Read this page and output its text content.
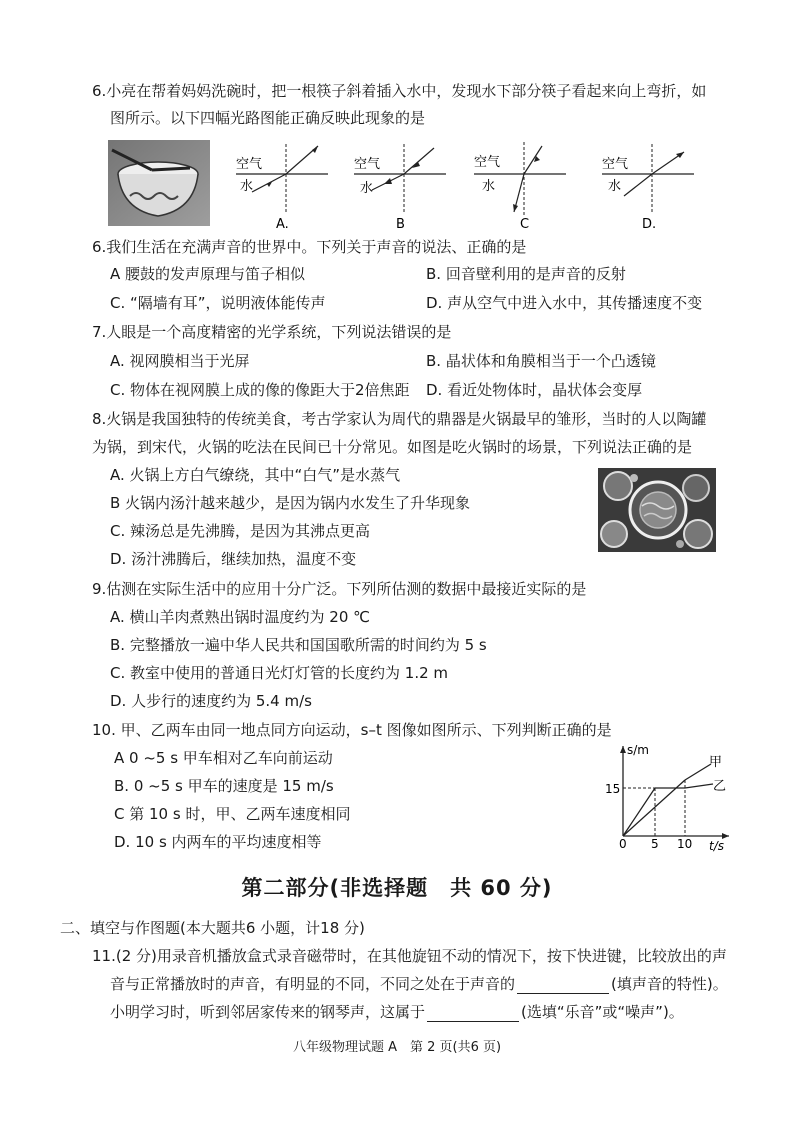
6.小亮在帮着妈妈洗碗时，把一根筷子斜着插入水中，发现水下部分筷子看起来向上弯折，如
图所示。以下四幅光路图能正确反映此现象的是
空气
水
A.
空气
水
B
空气
水
C
空气
水
D.
6.我们生活在充满声音的世界中。下列关于声音的说法、正确的是
A 腰鼓的发声原理与笛子相似	B. 回音壁利用的是声音的反射
C. “隔墙有耳”，说明液体能传声	D. 声从空气中进入水中，其传播速度不变
7.人眼是一个高度精密的光学系统，下列说法错误的是
A. 视网膜相当于光屏	B. 晶状体和角膜相当于一个凸透镜
C. 物体在视网膜上成的像的像距大于2倍焦距 D. 看近处物体时，晶状体会变厚
8.火锅是我国独特的传统美食，考古学家认为周代的鼎器是火锅最早的雏形，当时的人以陶罐
为锅，到宋代，火锅的吃法在民间已十分常见。如图是吃火锅时的场景，下列说法正确的是
A. 火锅上方白气缭绕，其中“白气”是水蒸气
B 火锅内汤汁越来越少，是因为锅内水发生了升华现象
C. 辣汤总是先沸腾，是因为其沸点更高
D. 汤汁沸腾后，继续加热，温度不变
9.估测在实际生活中的应用十分广泛。下列所估测的数据中最接近实际的是
A. 横山羊肉煮熟出锅时温度约为 20 ℃
B. 完整播放一遍中华人民共和国国歌所需的时间约为 5 s
C. 教室中使用的普通日光灯灯管的长度约为 1.2 m
D. 人步行的速度约为 5.4 m/s
10. 甲、乙两车由同一地点同方向运动，s–t 图像如图所示、下列判断正确的是
A 0 ~5 s 甲车相对乙车向前运动
B. 0 ~5 s 甲车的速度是 15 m/s
C 第 10 s 时，甲、乙两车速度相同
D. 10 s 内两车的平均速度相等
s/m
15
0 5 10 t/s
甲
乙
第二部分(非选择题　共 60 分)
二、填空与作图题(本大题共6 小题，计18 分)
11.(2 分)用录音机播放盒式录音磁带时，在其他旋钮不动的情况下，按下快进键，比较放出的声
音与正常播放时的声音，有明显的不同，不同之处在于声音的	(填声音的特性)。
小明学习时，听到邻居家传来的钢琴声，这属于	(选填“乐音”或“噪声”)。
八年级物理试题 A　第 2 页(共6 页)
